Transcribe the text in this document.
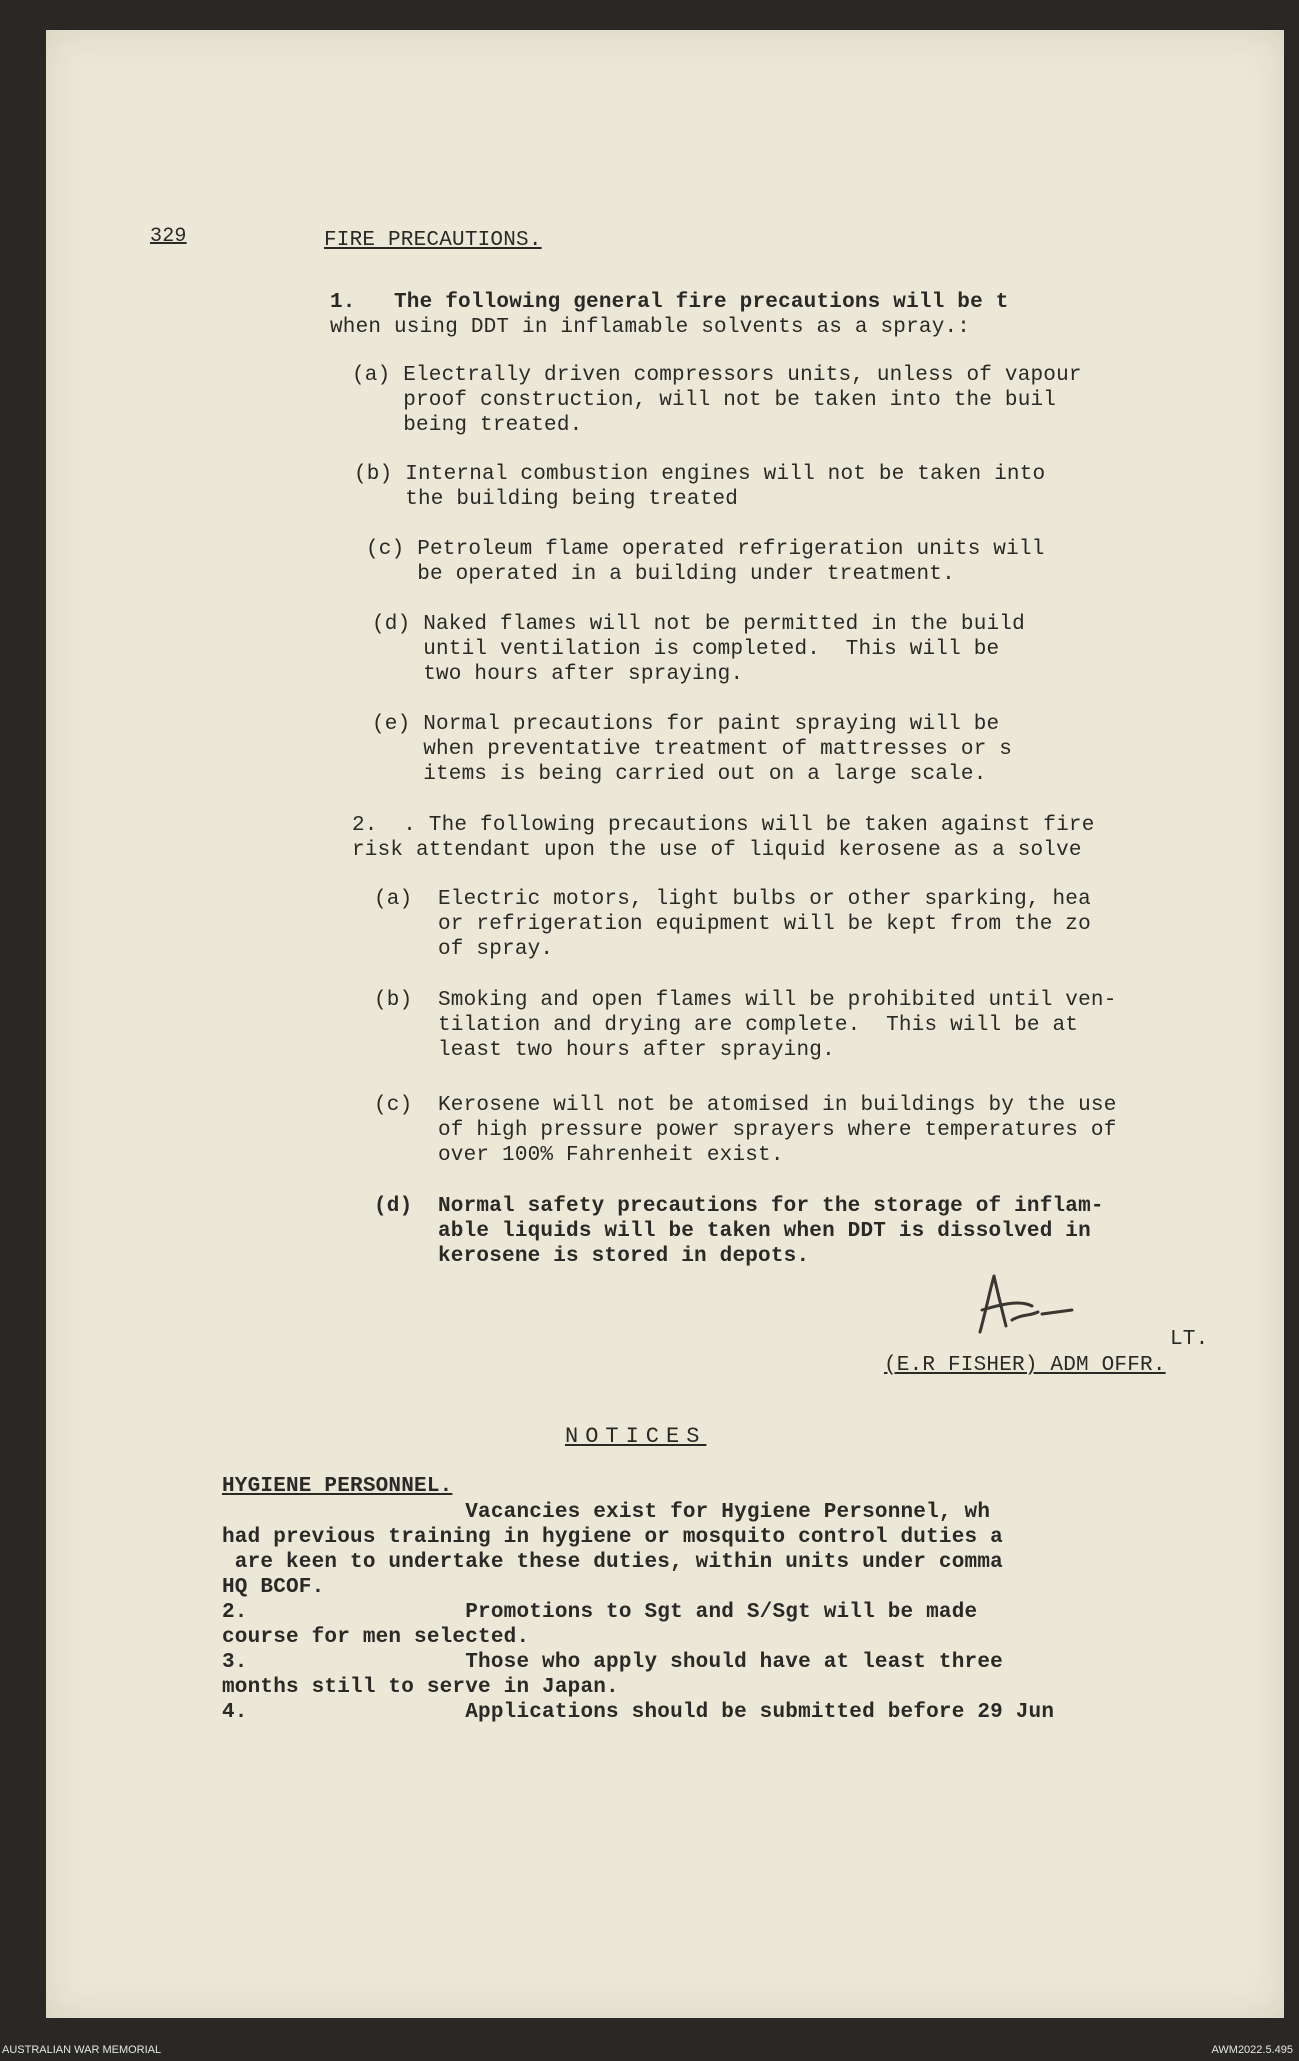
329	FIRE PRECAUTIONS.
1.   The following general fire precautions will be t
when using DDT in inflamable solvents as a spray.:
(a) Electrally driven compressors units, unless of vapour
proof construction, will not be taken into the buil
being treated.
(b) Internal combustion engines will not be taken into
the building being treated
(c) Petroleum flame operated refrigeration units will
be operated in a building under treatment.
(d) Naked flames will not be permitted in the build
until ventilation is completed.  This will be
two hours after spraying.
(e) Normal precautions for paint spraying will be
when preventative treatment of mattresses or s
items is being carried out on a large scale.
2.  . The following precautions will be taken against fire
risk attendant upon the use of liquid kerosene as a solve
(a)  Electric motors, light bulbs or other sparking, hea
or refrigeration equipment will be kept from the zo
of spray.
(b)  Smoking and open flames will be prohibited until ven-
tilation and drying are complete.  This will be at
least two hours after spraying.
(c)  Kerosene will not be atomised in buildings by the use
of high pressure power sprayers where temperatures of
over 100% Fahrenheit exist.
(d)  Normal safety precautions for the storage of inflam-
able liquids will be taken when DDT is dissolved in
kerosene is stored in depots.
LT.
(E.R FISHER) ADM OFFR.
NOTICES
HYGIENE PERSONNEL.
Vacancies exist for Hygiene Personnel, wh
had previous training in hygiene or mosquito control duties a
are keen to undertake these duties, within units under comma
HQ BCOF.
2.                 Promotions to Sgt and S/Sgt will be made
course for men selected.
3.                 Those who apply should have at least three
months still to serve in Japan.
4.                 Applications should be submitted before 29 Jun
AUSTRALIAN WAR MEMORIAL	AWM2022.5.495
